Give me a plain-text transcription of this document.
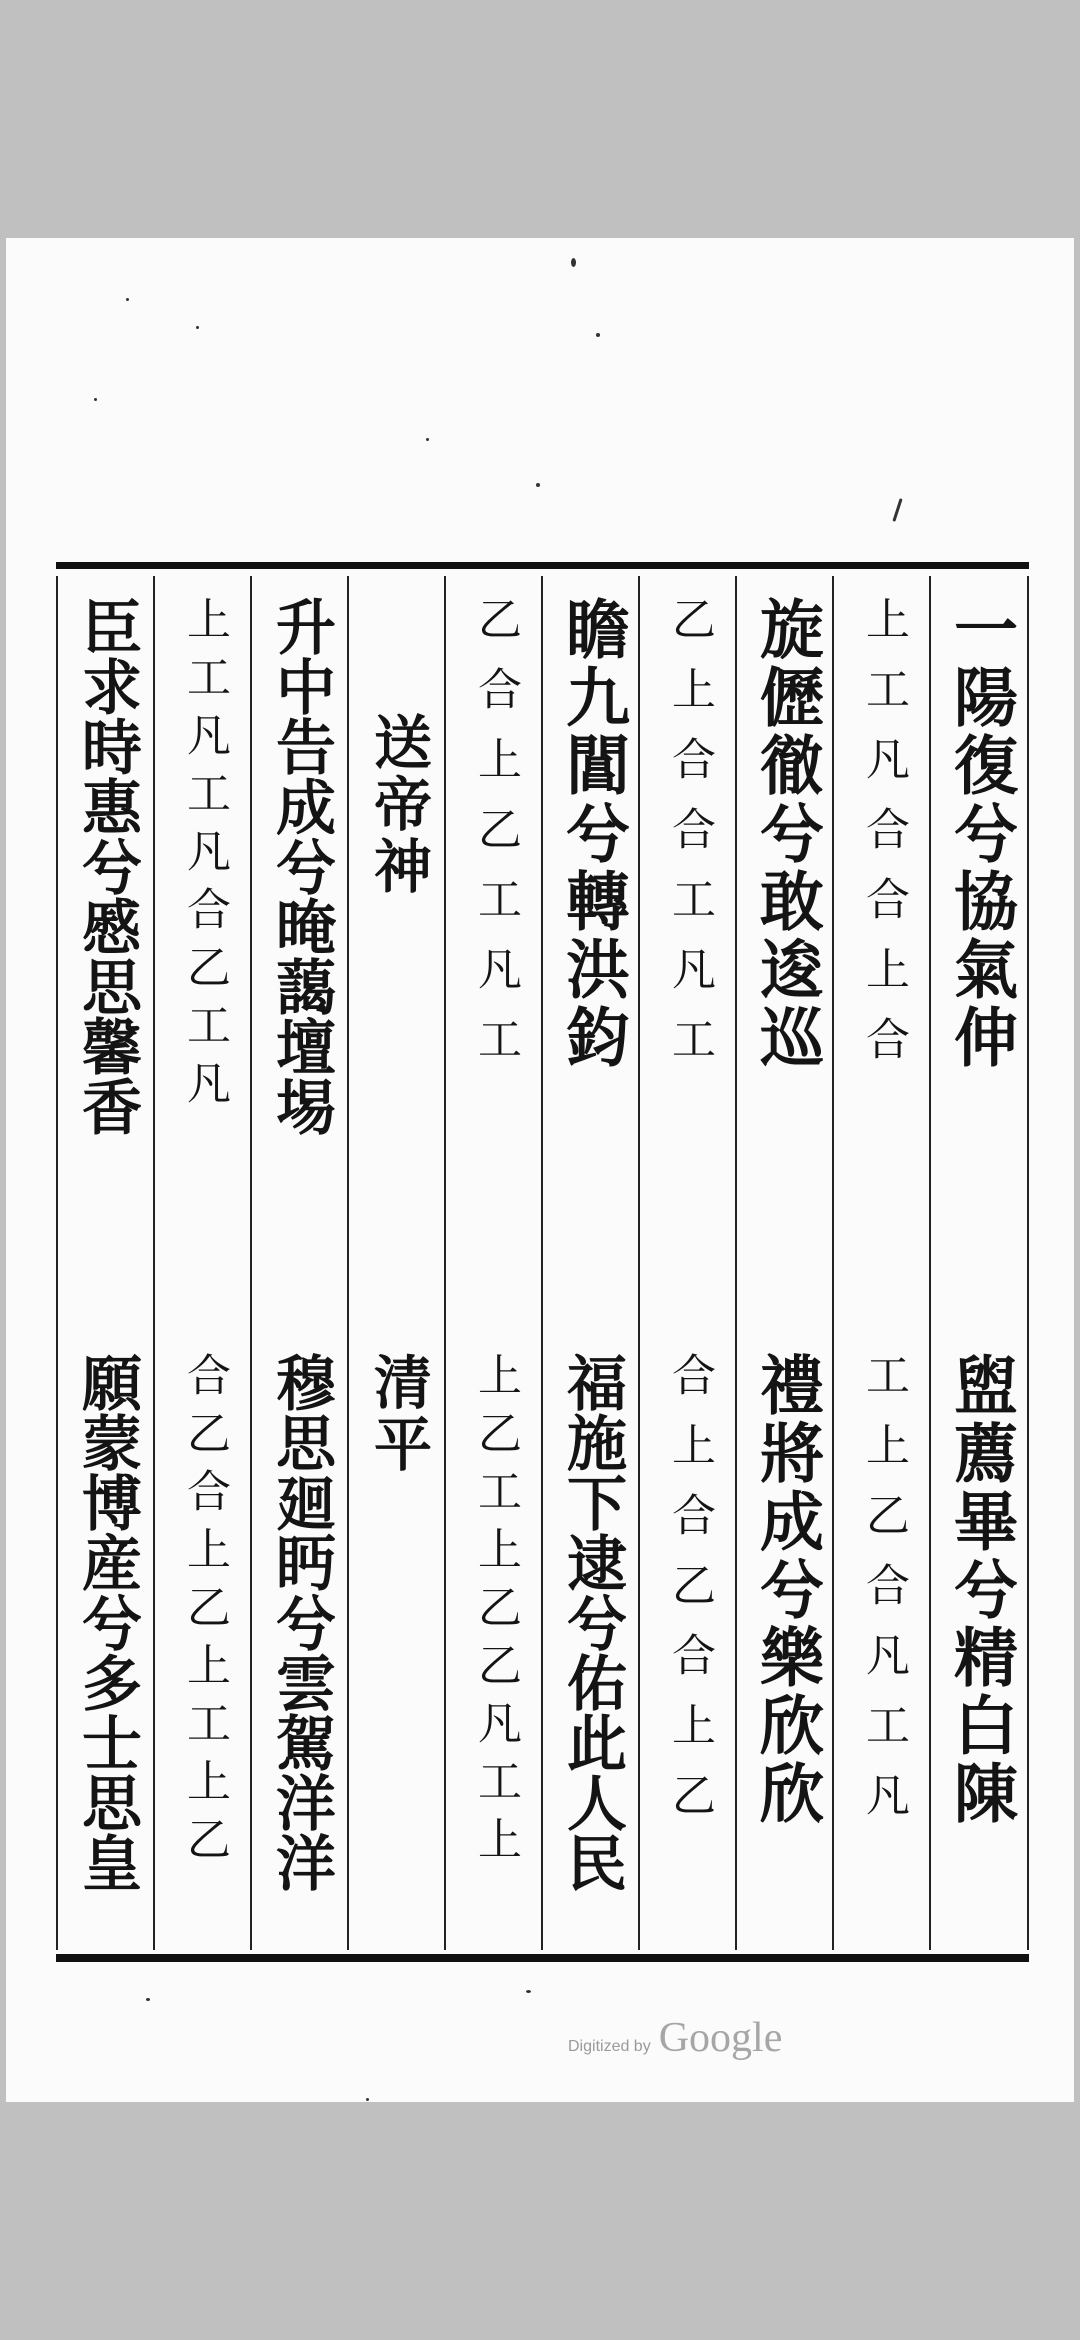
一陽復兮協氣伸
盥薦畢兮精白陳
上工凡合合上合
工上乙合凡工凡
旋儮徹兮敢逡巡
禮將成兮樂欣欣
乙上合合工凡工
合上合乙合上乙
瞻九閶兮轉洪鈞
福施下逮兮佑此人民
乙合上乙工凡工
上乙工上乙乙凡工上
送帝神
清平
升中告成兮晻藹壇埸
穆思廻眄兮雲駕洋洋
上工凡工凡合乙工凡
合乙合上乙上工上乙
臣求時惠兮慼思馨香
願蒙博産兮多士思皇
Digitized by Google
